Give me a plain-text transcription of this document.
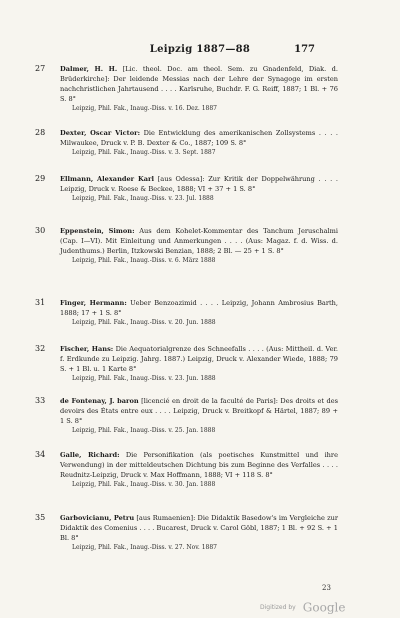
Leipzig 1887—88	177
27 Dalmer, H. H. [Lic. theol. Doc. am theol. Sem. zu Gnadenfeld, Diak. d. Brüderkirche]: Der leidende Messias nach der Lehre der Synagoge im ersten nachchristlichen Jahrtausend . . . . Karlsruhe, Buchdr. F. G. Reiff, 1887; 1 Bl. + 76 S. 8°
Leipzig, Phil. Fak., Inaug.-Diss. v. 16. Dez. 1887
28 Dexter, Oscar Victor: Die Entwicklung des amerikanischen Zollsystems . . . . Milwaukee, Druck v. P. B. Dexter & Co., 1887; 109 S. 8°
Leipzig, Phil. Fak., Inaug.-Diss. v. 3. Sept. 1887
29 Ellmann, Alexander Karl [aus Odessa]: Zur Kritik der Doppelwährung . . . . Leipzig, Druck v. Roese & Beckee, 1888; VI + 37 + 1 S. 8°
Leipzig, Phil. Fak., Inaug.-Diss. v. 23. Jul. 1888
30 Eppenstein, Simon: Aus dem Kohelet-Kommentar des Tanchum Jeruschalmi (Cap. I—VI). Mit Einleitung und Anmerkungen . . . . (Aus: Magaz. f. d. Wiss. d. Judenthums.) Berlin, Itzkowski Benzian, 1888; 2 Bl. — 25 + 1 S. 8°
Leipzig, Phil. Fak., Inaug.-Diss. v. 6. März 1888
31 Finger, Hermann: Ueber Benzoazimid . . . . Leipzig, Johann Ambrosius Barth, 1888; 17 + 1 S. 8°
Leipzig, Phil. Fak., Inaug.-Diss. v. 20. Jun. 1888
32 Fischer, Hans: Die Aequatorialgrenze des Schneefalls . . . . (Aus: Mittheil. d. Ver. f. Erdkunde zu Leipzig. Jahrg. 1887.) Leipzig, Druck v. Alexander Wiede, 1888; 79 S. + 1 Bl. u. 1 Karte 8°
Leipzig, Phil. Fak., Inaug.-Diss. v. 23. Jun. 1888
33 de Fontenay, J. baron [licencié en droit de la faculté de Paris]: Des droits et des devoirs des États entre eux . . . . Leipzig, Druck v. Breitkopf & Härtel, 1887; 89 + 1 S. 8°
Leipzig, Phil. Fak., Inaug.-Diss. v. 25. Jan. 1888
34 Galle, Richard: Die Personifikation (als poetisches Kunstmittel und ihre Verwendung) in der mitteldeutschen Dichtung bis zum Beginne des Verfalles . . . . Reudnitz-Leipzig, Druck v. Max Hoffmann, 1888; VI + 118 S. 8°
Leipzig, Phil. Fak., Inaug.-Diss. v. 30. Jan. 1888
35 Garbovicianu, Petru [aus Rumaenien]: Die Didaktik Basedow's im Vergleiche zur Didaktik des Comenius . . . . Bucarest, Druck v. Carol Göbl, 1887; 1 Bl. + 92 S. + 1 Bl. 8°
Leipzig, Phil. Fak., Inaug.-Diss. v. 27. Nov. 1887
23
Digitized by Google
